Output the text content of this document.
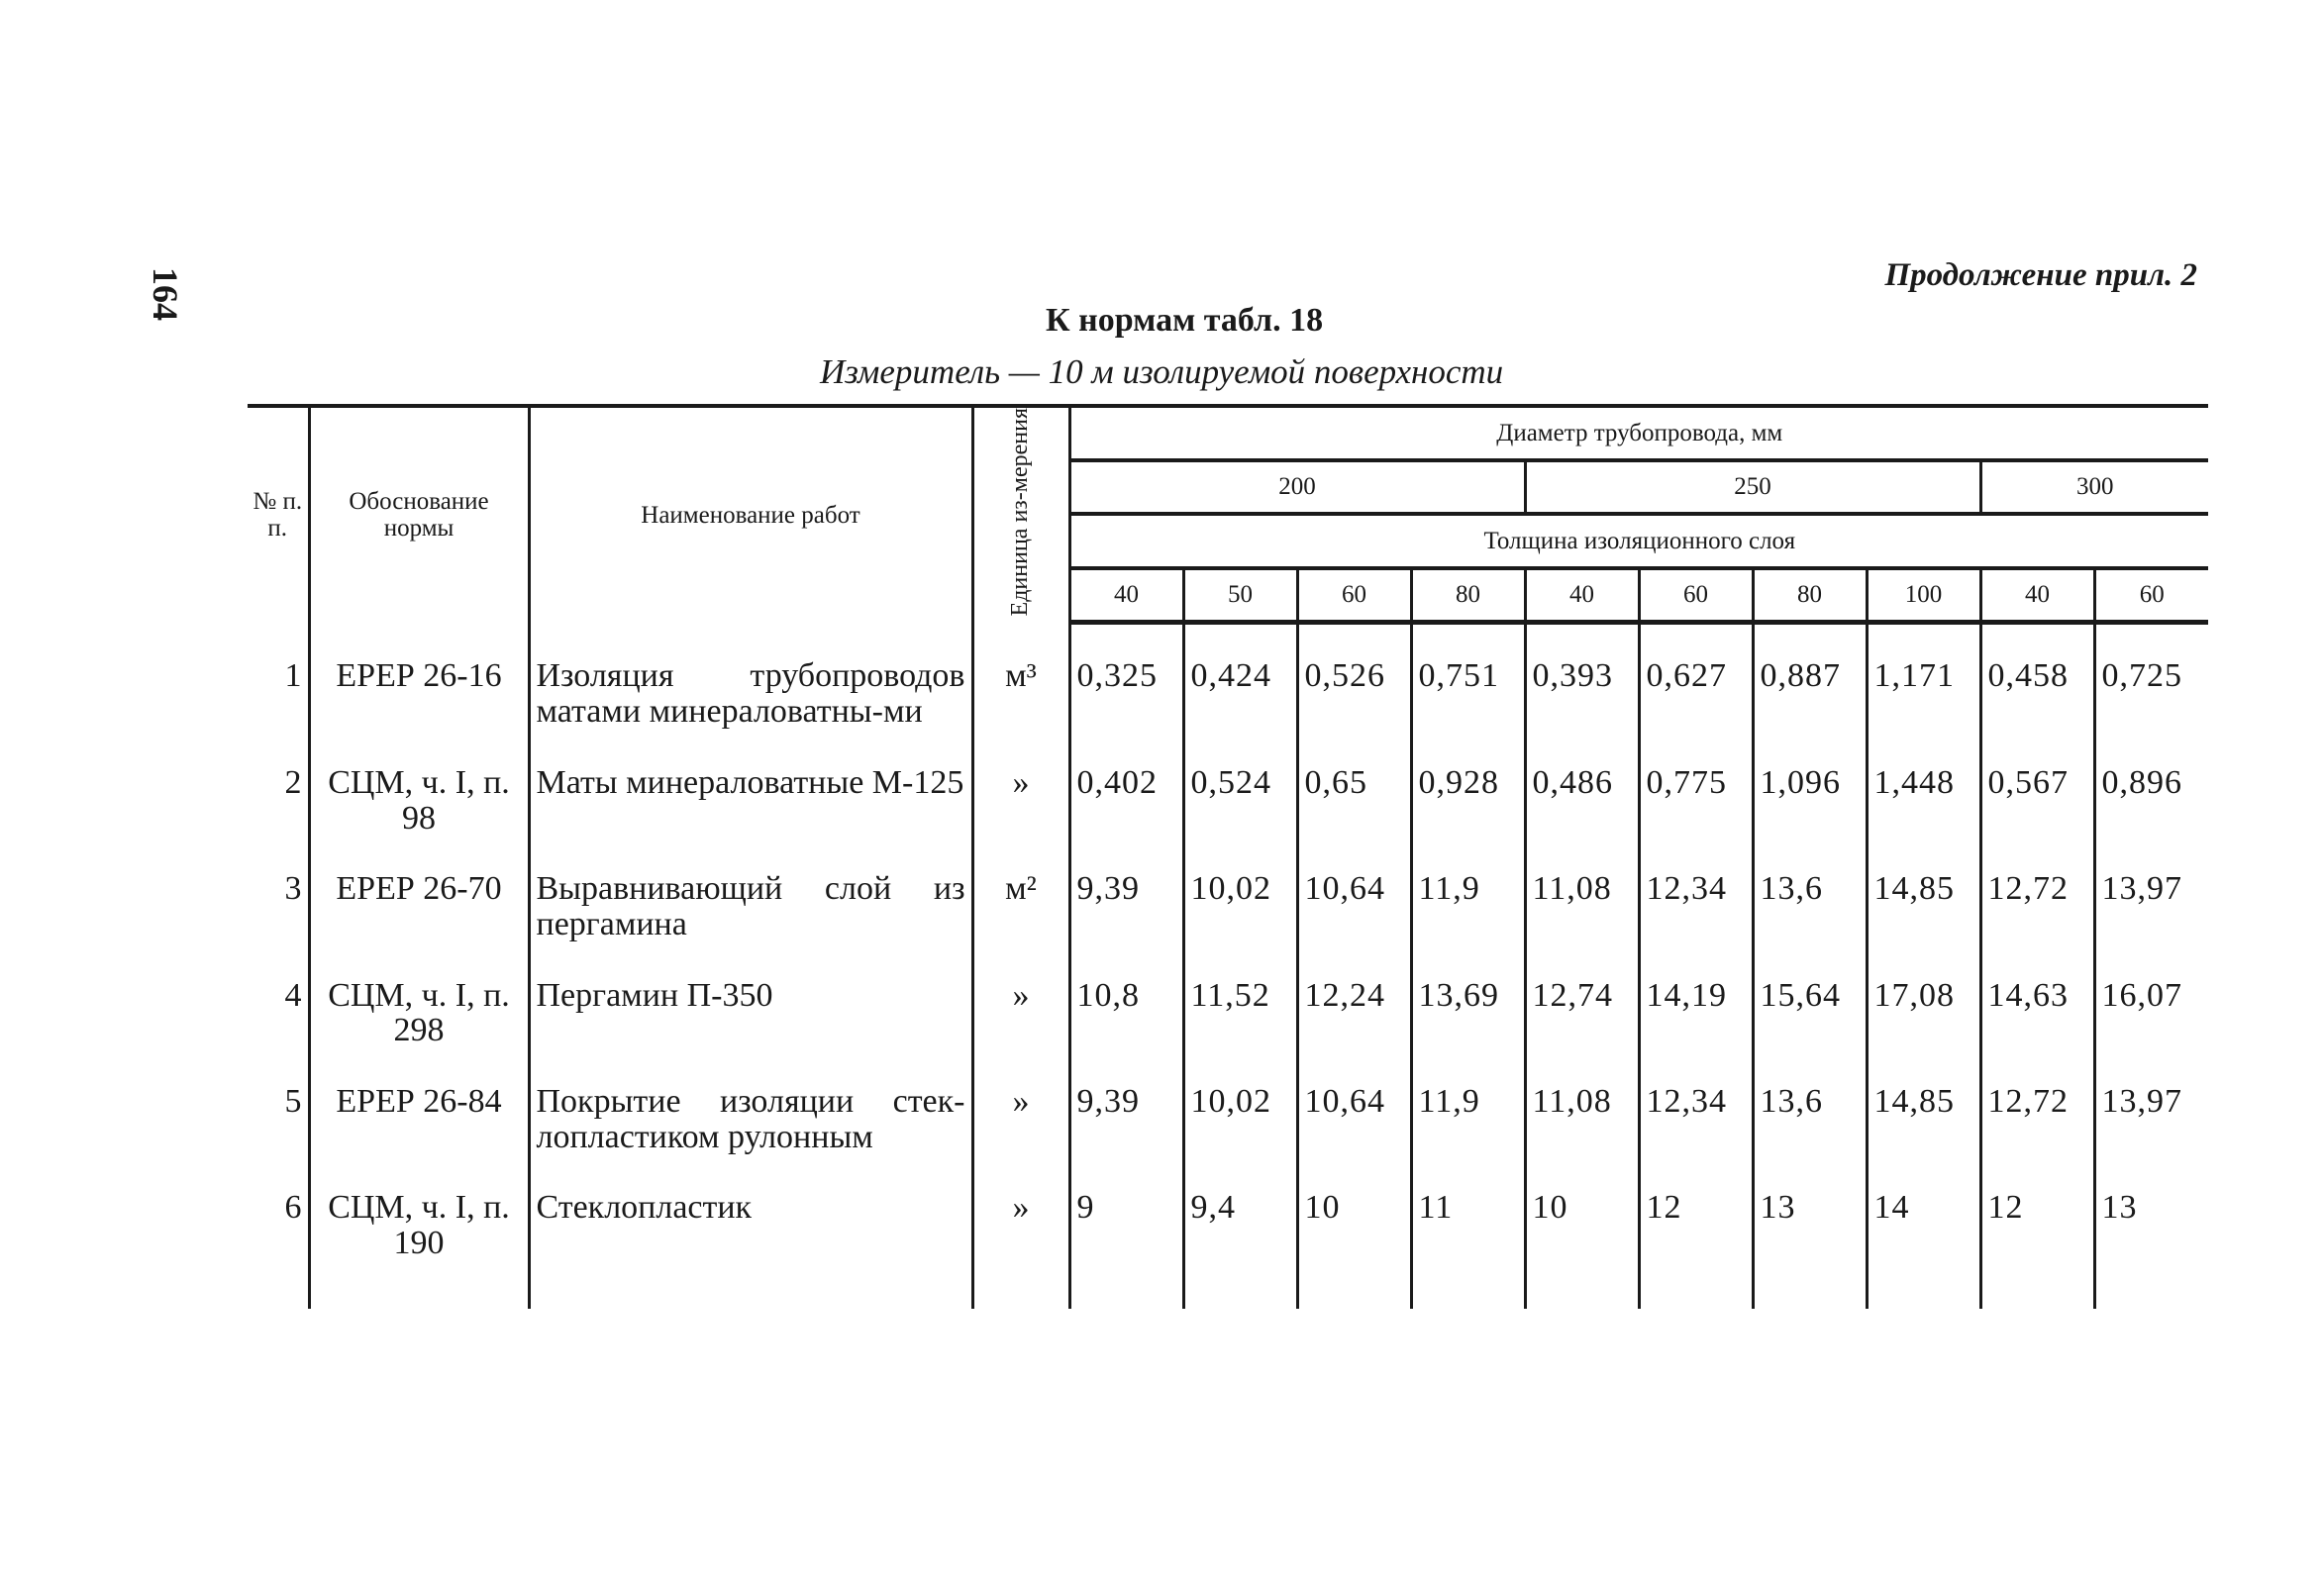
164	Продолжение прил. 2
К нормам табл. 18
Измеритель — 10 м изолируемой поверхности
№ п. п.	Обоснование нормы	Наименование работ	Единица из-мерения	Диаметр трубопровода, мм									
				200				250				300	
				Толщина изоляционного слоя									
				40	50	60	80	40	60	80	100	40	60

1	ЕРЕР 26-16	Изоляция трубопроводов матами минераловатны-ми	м³	0,325	0,424	0,526	0,751	0,393	0,627	0,887	1,171	0,458	0,725
2	СЦМ, ч. I, п. 98	Маты минераловатные М-125	»	0,402	0,524	0,65	0,928	0,486	0,775	1,096	1,448	0,567	0,896
3	ЕРЕР 26-70	Выравнивающий слой из пергамина	м²	9,39	10,02	10,64	11,9	11,08	12,34	13,6	14,85	12,72	13,97
4	СЦМ, ч. I, п. 298	Пергамин П-350	»	10,8	11,52	12,24	13,69	12,74	14,19	15,64	17,08	14,63	16,07
5	ЕРЕР 26-84	Покрытие изоляции стек-лопластиком рулонным	»	9,39	10,02	10,64	11,9	11,08	12,34	13,6	14,85	12,72	13,97
6	СЦМ, ч. I, п. 190	Стеклопластик	»	9	9,4	10	11	10	12	13	14	12	13
